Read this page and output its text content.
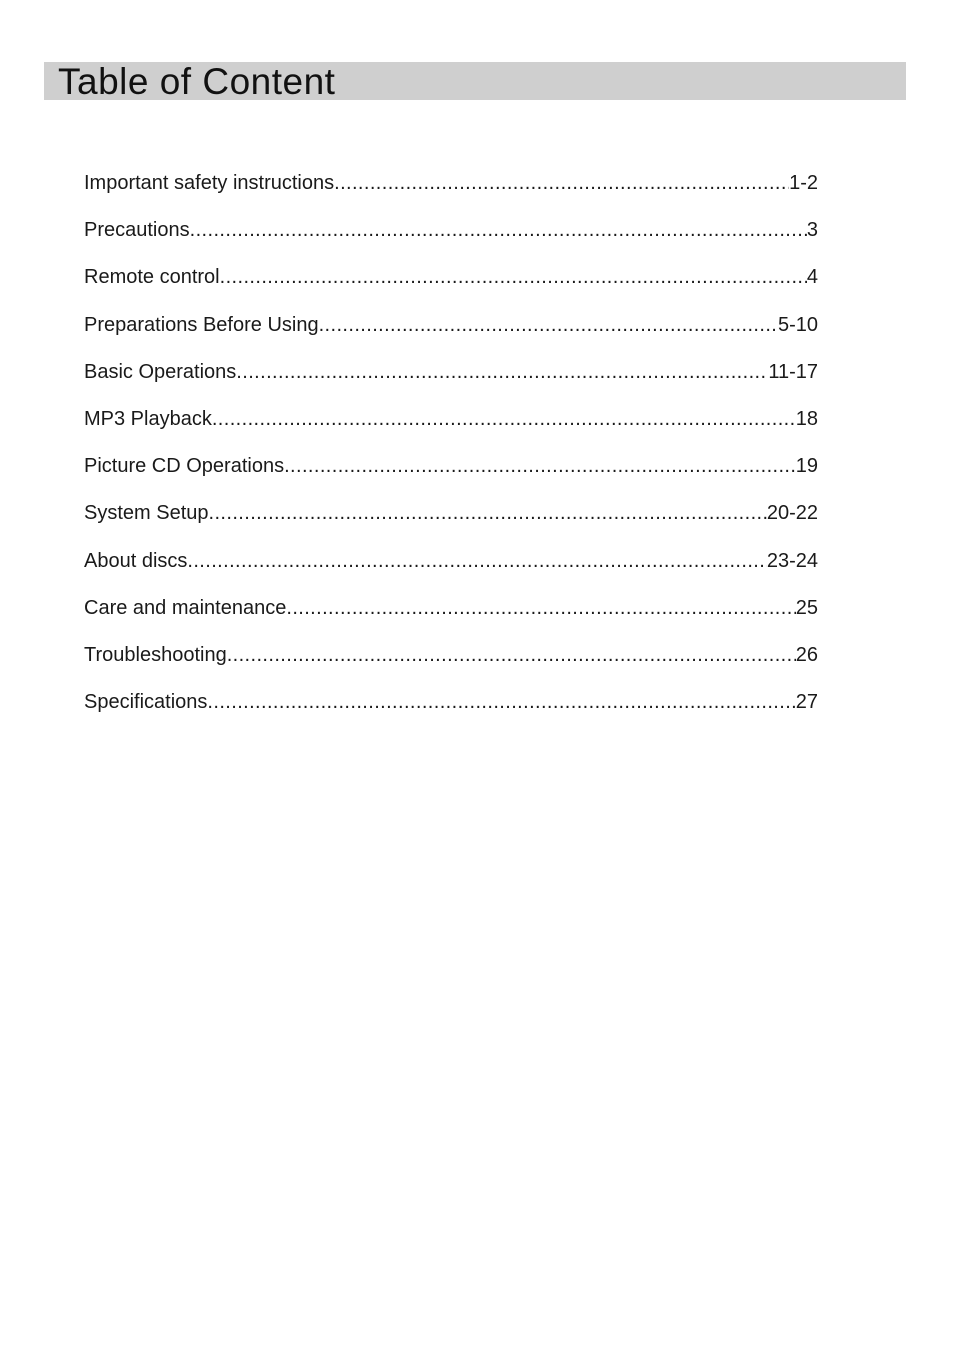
Table of Content
Important safety instructions .....	1-2
Precautions .....	3
Remote control .....	4
Preparations Before Using .....	5-10
Basic Operations .....	11-17
MP3 Playback .....	18
Picture CD Operations .....	19
System Setup .....	20-22
About discs .....	23-24
Care and maintenance .....	25
Troubleshooting .....	26
Specifications .....	27
